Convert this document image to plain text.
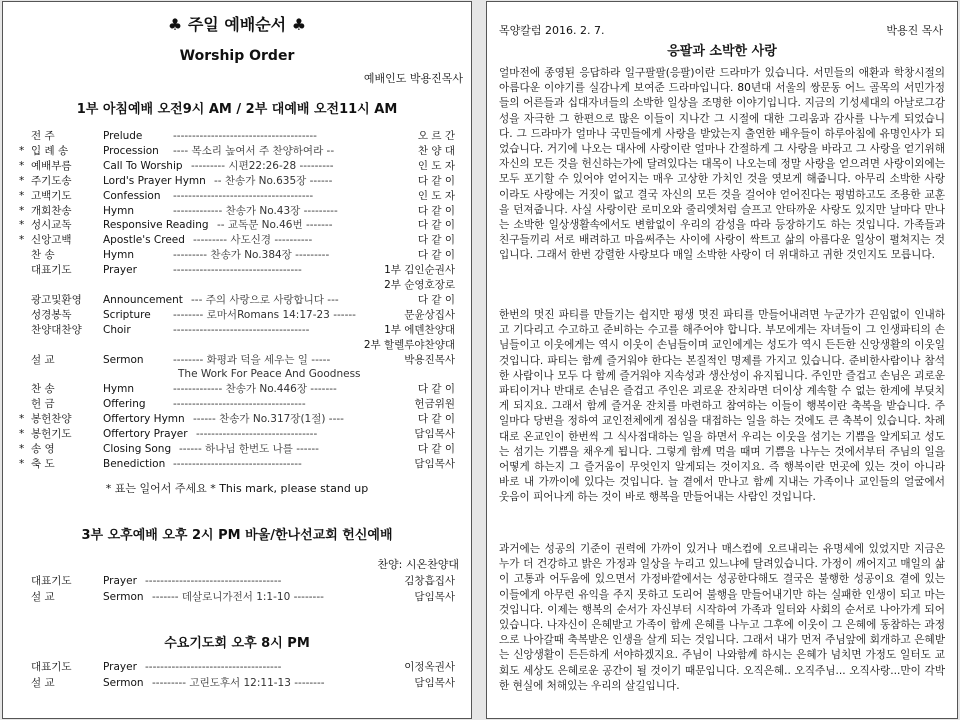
♣ 주일 예배순서 ♣
Worship Order
예배인도 박용진목사
1부 아침예배 오전9시 AM / 2부 대예배 오전11시 AM
전 주	Prelude	--------------------------------------	오 르 간
* 입 례 송	Procession ---- 목소리 높여서 주 찬양하여라 --	찬 양 대
* 예배부름	Call To Worship --------- 시편22:26-28 ---------	인 도 자
* 주기도송	Lord's Prayer Hymn -- 찬송가 No.635장 ------	다 같 이
* 고백기도	Confession -------------------------------------	인 도 자
* 개회찬송	Hymn	------------- 찬송가 No.43장 ---------	다 같 이
* 성시교독	Responsive Reading -- 교독문 No.46번 -------	다 같 이
* 신앙고백	Apostle's Creed --------- 사도신경 ----------	다 같 이
찬 송	Hymn	--------- 찬송가 No.384장 ---------	다 같 이
대표기도	Prayer	----------------------------------	1부 김인순권사
2부 순영호장로
광고및환영	Announcement --- 주의 사랑으로 사랑합니다 ---	다 같 이
성경봉독	Scripture -------- 로마서Romans 14:17-23 ------	문윤상집사
찬양대찬양	Choir	------------------------------------	1부 에덴찬양대
2부 할렐루야찬양대
설 교	Sermon	-------- 화평과 덕을 세우는 일 -----	박용진목사
The Work For Peace And Goodness
찬 송	Hymn	------------- 찬송가 No.446장 -------	다 같 이
헌 금	Offering	-----------------------------------	헌금위원
* 봉헌찬양	Offertory Hymn ------ 찬송가 No.317장(1절) ----	다 같 이
* 봉헌기도	Offertory Prayer --------------------------------	담임목사
* 송 영	Closing Song ------ 하나님 한번도 나를 ------	다 같 이
* 축 도	Benediction ----------------------------------	담임목사
* 표는 일어서 주세요 * This mark, please stand up
3부 오후예배 오후 2시 PM 바울/한나선교회 헌신예배
찬양: 시온찬양대
대표기도	Prayer ------------------------------------	김창흡집사
설 교	Sermon ------- 데살로니가전서 1:1-10 --------	담임목사
수요기도회 오후 8시 PM
대표기도	Prayer ------------------------------------	이정옥권사
설 교	Sermon --------- 고린도후서 12:11-13 --------	담임목사
목양칼럼 2016. 2. 7.	박용진 목사
응팔과 소박한 사랑
얼마전에 종영된 응답하라 일구팔팔(응팔)이란 드라마가 있습니다. 서민들의 애환과 학창시절의 아름다운 이야기를 실감나게 보여준 드라마입니다. 80년대 서울의 쌍문동 어느 골목의 서민가정들의 어른들과 십대자녀들의 소박한 일상을 조명한 이야기입니다. 지금의 기성세대의 아날로그감성을 자극한 그 한편으로 많은 이들이 지나간 그 시절에 대한 그리움과 감사를 나누게 되었습니다. 그 드라마가 얼마나 국민들에게 사랑을 받았는지 출연한 배우들이 하루아침에 유명인사가 되었습니다. 거기에 나오는 대사에 사랑이란 얼마나 간절하게 그 사랑을 바라고 그 사랑을 얻기위해 자신의 모든 것을 헌신하는가에 달려있다는 대목이 나오는데 정말 사랑을 얻으려면 사랑이외에는 모두 포기할 수 있어야 얻어지는 매우 고상한 가치인 것을 엿보게 해줍니다. 아무리 소박한 사랑이라도 사랑에는 거짓이 없고 결국 자신의 모든 것을 걸어야 얻어진다는 평범하고도 조용한 교훈을 던져줍니다. 사실 사랑이란 로미오와 줄리엣처럼 슬프고 안타까운 사랑도 있지만 날마다 만나는 소박한 일상생활속에서도 변함없이 우리의 감성을 따라 등장하기도 하는 것입니다. 가족들과 친구들끼리 서로 배려하고 마음써주는 사이에 사랑이 싹트고 삶의 아름다운 일상이 펼쳐지는 것입니다. 그래서 한번 강렬한 사랑보다 매일 소박한 사랑이 더 위대하고 귀한 것인지도 모릅니다.
한번의 멋진 파티를 만들기는 쉽지만 평생 멋진 파티를 만들어내려면 누군가가 끈임없이 인내하고 기다리고 수고하고 준비하는 수고를 해주어야 합니다. 부모에게는 자녀들이 그 인생파티의 손님들이고 이웃에게는 역시 이웃이 손님들이며 교인에게는 성도가 역시 든든한 신앙생활의 이웃일 것입니다. 파티는 함께 즐거워야 한다는 본질적인 명제를 가지고 있습니다. 준비한사람이나 참석한 사람이나 모두 다 함께 즐거워야 지속성과 생산성이 유지됩니다. 주인만 즐겁고 손님은 괴로운 파티이거나 반대로 손님은 즐겁고 주인은 괴로운 잔치라면 더이상 계속할 수 없는 한계에 부딪치게 되지요. 그래서 함께 즐거운 잔치를 마련하고 참여하는 이들이 행복이란 축복을 받습니다. 주일마다 당번을 정하여 교인전체에게 점심을 대접하는 일을 하는 것에도 큰 축복이 있습니다. 차례대로 온교인이 한번씩 그 식사접대하는 일을 하면서 우리는 이웃을 섬기는 기쁨을 알게되고 성도는 섬기는 기쁨을 채우게 됩니다. 그렇게 함께 먹을 때며 기쁨을 나누는 것에서부터 주님의 일을 어떻게 하는지 그 즐거움이 무엇인지 알게되는 것이지요. 즉 행복이란 먼곳에 있는 것이 아니라 바로 내 가까이에 있다는 것입니다. 늘 곁에서 만나고 함께 지내는 가족이나 교인들의 얼굴에서 웃음이 피어나게 하는 것이 바로 행복을 만들어내는 사람인 것입니다.
과거에는 성공의 기준이 권력에 가까이 있거나 매스컴에 오르내리는 유명세에 있었지만 지금은 누가 더 건강하고 밝은 가정과 일상을 누리고 있느냐에 달려있습니다. 가정이 깨어지고 매일의 삶이 고통과 어두움에 있으면서 가정바깥에서는 성공한다해도 결국은 불행한 성공이요 곁에 있는 이들에게 아무런 유익을 주지 못하고 도리어 불행을 만들어내기만 하는 실패한 인생이 되고 마는 것입니다. 이제는 행복의 순서가 자신부터 시작하여 가족과 일터와 사회의 순서로 나아가게 되어있습니다. 나자신이 은혜받고 가족이 함께 은혜를 나누고 그후에 이웃이 그 은혜에 동참하는 과정으로 나아갈때 축복받은 인생을 살게 되는 것입니다. 그래서 내가 먼저 주님앞에 회개하고 은혜받는 신앙생활이 든든하게 서야하겠지요. 주님이 나와함께 하시는 은혜가 넘치면 가정도 일터도 교회도 세상도 은혜로운 공간이 될 것이기 때문입니다. 오직은혜.. 오직주님... 오직사랑...만이 각박한 현실에 처해있는 우리의 살길입니다.
